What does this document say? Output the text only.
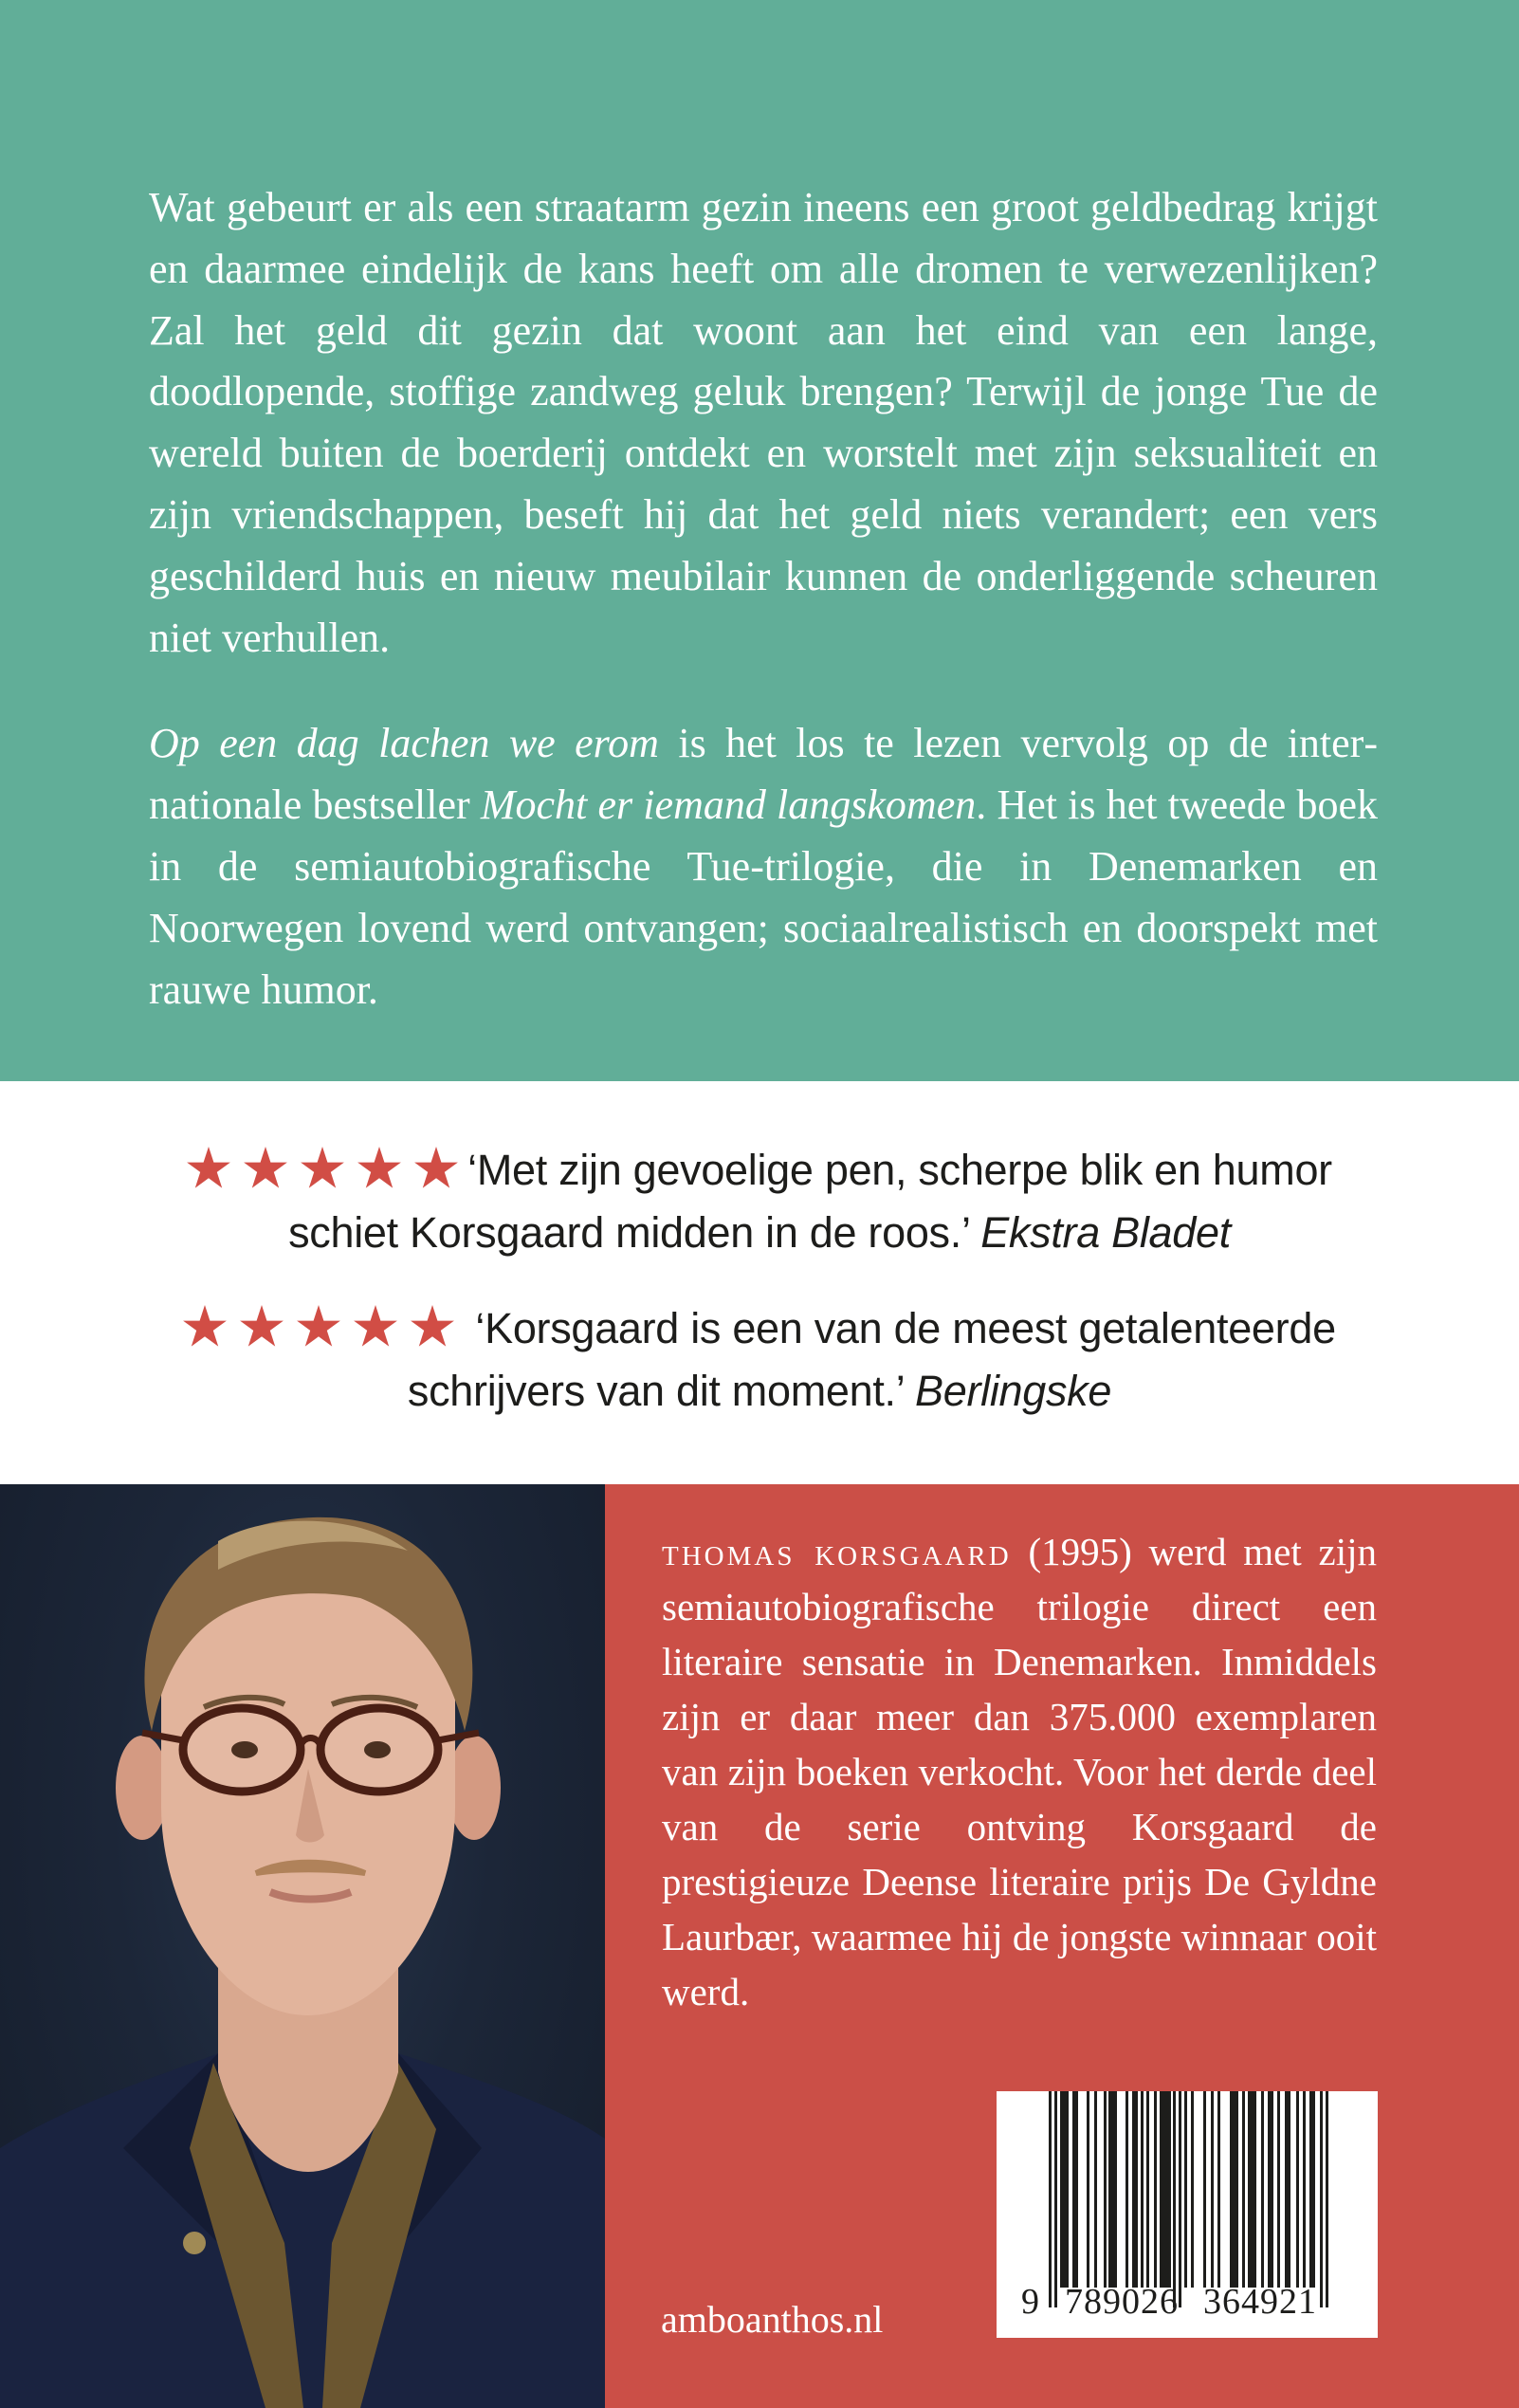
Wat gebeurt er als een straatarm gezin ineens een groot geldbedrag krijgt en daarmee eindelijk de kans heeft om alle dromen te verwezenlijken? Zal het geld dit gezin dat woont aan het eind van een lange, doodlopende, stoffige zandweg geluk brengen? Terwijl de jonge Tue de wereld buiten de boerderij ontdekt en worstelt met zijn seksualiteit en zijn vriendschappen, beseft hij dat het geld niets verandert; een vers geschilderd huis en nieuw meubilair kunnen de onderliggende scheuren niet verhullen.

Op een dag lachen we erom is het los te lezen vervolg op de internationale bestseller Mocht er iemand langskomen. Het is het tweede boek in de semiautobiografische Tue-trilogie, die in Denemarken en Noorwegen lovend werd ontvangen; sociaalrealistisch en doorspekt met rauwe humor.

‘Met zijn gevoelige pen, scherpe blik en humor
schiet Korsgaard midden in de roos.’ Ekstra Bladet
‘Korsgaard is een van de meest getalenteerde
schrijvers van dit moment.’ Berlingske

thomas korsgaard (1995) werd met zijn semiautobiografische trilogie direct een literaire sensatie in Denemarken. Inmiddels zijn er daar meer dan 375.000 exemplaren van zijn boeken verkocht. Voor het derde deel van de serie ontving Korsgaard de prestigieuze Deense literaire prijs De Gyldne Laurbær, waarmee hij de jongste winnaar ooit werd.

amboanthos.nl	9 789026 364921
